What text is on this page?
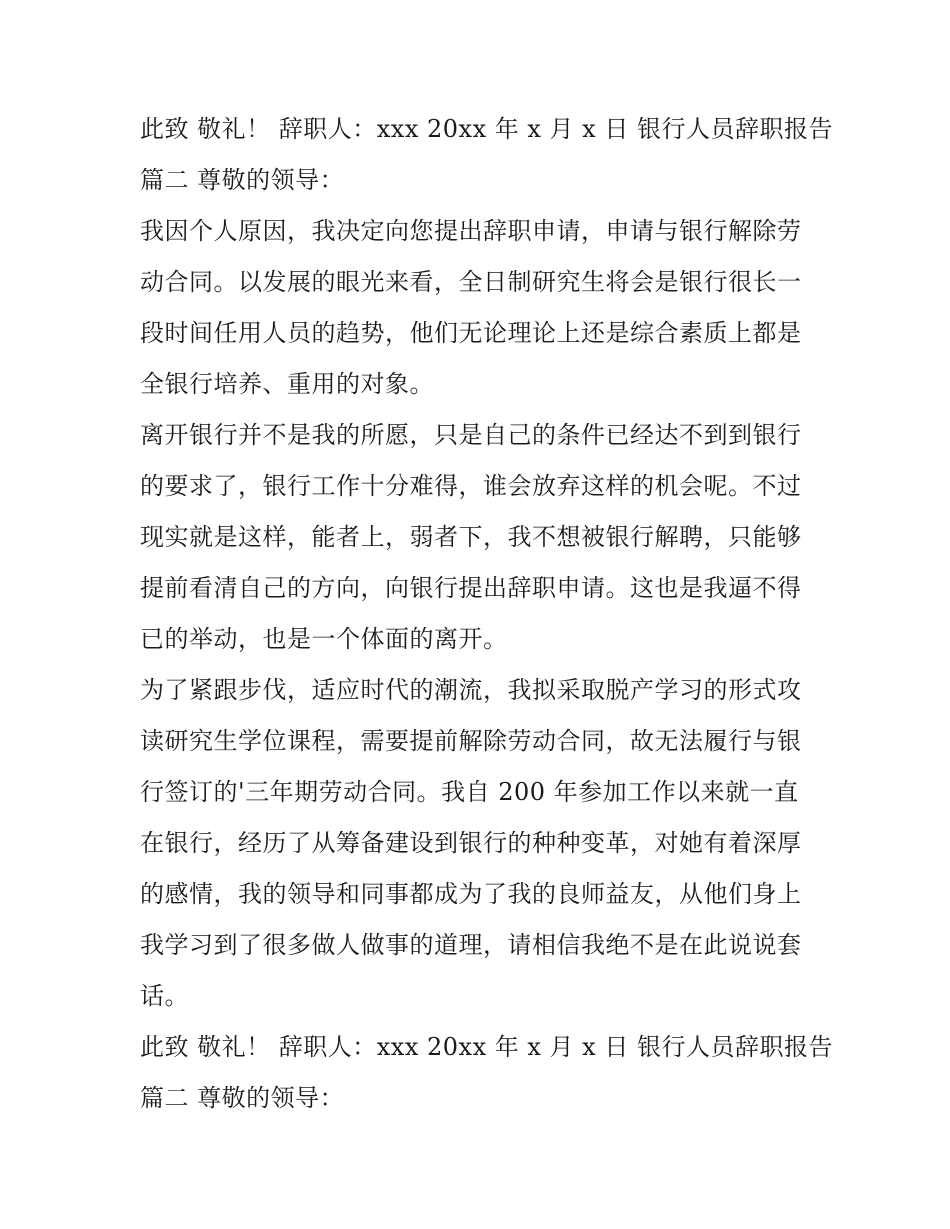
此致 敬礼！ 辞职人：xxx 20xx 年 x 月 x 日 银行人员辞职报告
篇二 尊敬的领导：
我因个人原因，我决定向您提出辞职申请，申请与银行解除劳
动合同。以发展的眼光来看，全日制研究生将会是银行很长一
段时间任用人员的趋势，他们无论理论上还是综合素质上都是
全银行培养、重用的对象。
离开银行并不是我的所愿，只是自己的条件已经达不到到银行
的要求了，银行工作十分难得，谁会放弃这样的机会呢。不过
现实就是这样，能者上，弱者下，我不想被银行解聘，只能够
提前看清自己的方向，向银行提出辞职申请。这也是我逼不得
已的举动，也是一个体面的离开。
为了紧跟步伐，适应时代的潮流，我拟采取脱产学习的形式攻
读研究生学位课程，需要提前解除劳动合同，故无法履行与银
行签订的'三年期劳动合同。我自 200 年参加工作以来就一直
在银行，经历了从筹备建设到银行的种种变革，对她有着深厚
的感情，我的领导和同事都成为了我的良师益友，从他们身上
我学习到了很多做人做事的道理，请相信我绝不是在此说说套
话。
此致 敬礼！ 辞职人：xxx 20xx 年 x 月 x 日 银行人员辞职报告
篇二 尊敬的领导：
